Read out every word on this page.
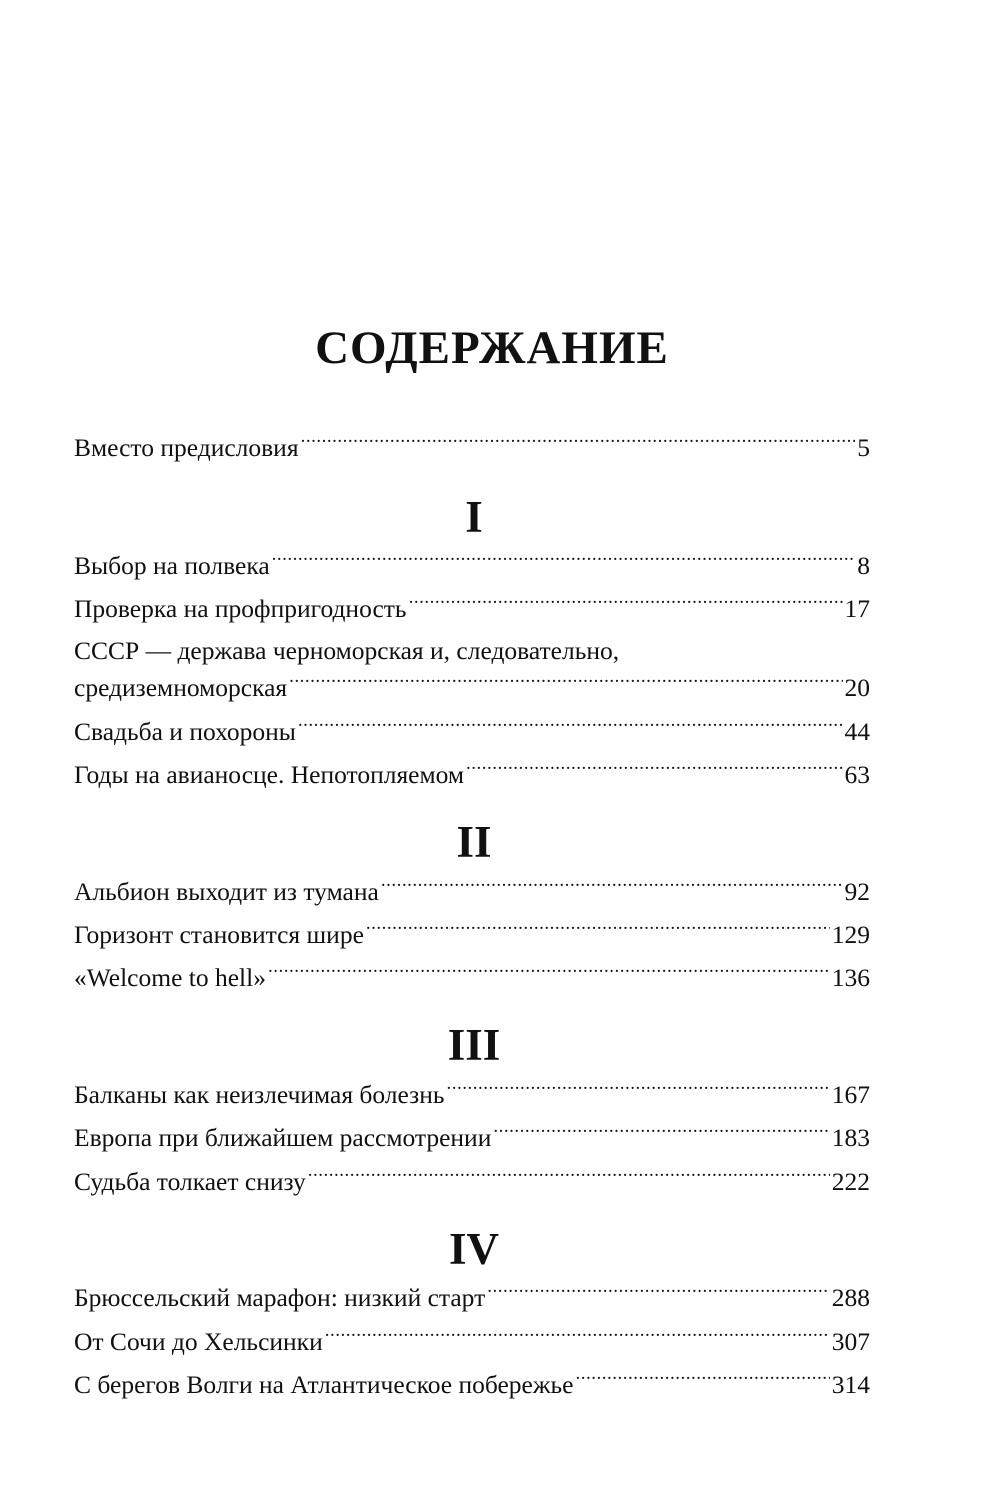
СОДЕРЖАНИЕ
Вместо предисловия .....	5
I
Выбор на полвека .....	8
Проверка на профпригодность .....	17
СССР — держава черноморская и, следовательно,
средиземноморская .....	20
Свадьба и похороны .....	44
Годы на авианосце. Непотопляемом .....	63
II
Альбион выходит из тумана .....	92
Горизонт становится шире .....	129
«Welcome to hell» .....	136
III
Балканы как неизлечимая болезнь .....	167
Европа при ближайшем рассмотрении .....	183
Судьба толкает снизу .....	222
IV
Брюссельский марафон: низкий старт .....	288
От Сочи до Хельсинки .....	307
С берегов Волги на Атлантическое побережье .....	314
